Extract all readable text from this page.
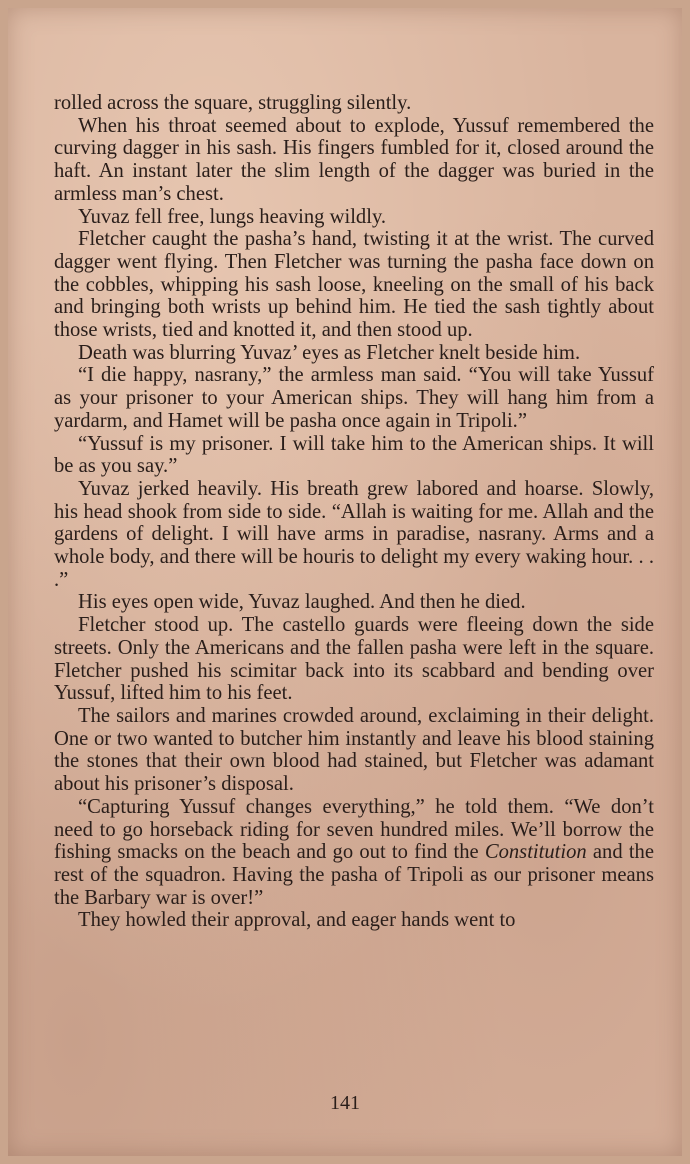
rolled across the square, struggling silently.

When his throat seemed about to explode, Yussuf remembered the curving dagger in his sash. His fingers fumbled for it, closed around the haft. An instant later the slim length of the dagger was buried in the armless man’s chest.

Yuvaz fell free, lungs heaving wildly.

Fletcher caught the pasha’s hand, twisting it at the wrist. The curved dagger went flying. Then Fletcher was turning the pasha face down on the cobbles, whipping his sash loose, kneeling on the small of his back and bringing both wrists up behind him. He tied the sash tightly about those wrists, tied and knotted it, and then stood up.

Death was blurring Yuvaz’ eyes as Fletcher knelt beside him.

“I die happy, nasrany,” the armless man said. “You will take Yussuf as your prisoner to your American ships. They will hang him from a yardarm, and Hamet will be pasha once again in Tripoli.”

“Yussuf is my prisoner. I will take him to the American ships. It will be as you say.”

Yuvaz jerked heavily. His breath grew labored and hoarse. Slowly, his head shook from side to side. “Allah is waiting for me. Allah and the gardens of delight. I will have arms in paradise, nasrany. Arms and a whole body, and there will be houris to delight my every waking hour. . . .”

His eyes open wide, Yuvaz laughed. And then he died.

Fletcher stood up. The castello guards were fleeing down the side streets. Only the Americans and the fallen pasha were left in the square. Fletcher pushed his scimitar back into its scabbard and bending over Yussuf, lifted him to his feet.

The sailors and marines crowded around, exclaiming in their delight. One or two wanted to butcher him instantly and leave his blood staining the stones that their own blood had stained, but Fletcher was adamant about his prisoner’s disposal.

“Capturing Yussuf changes everything,” he told them. “We don’t need to go horseback riding for seven hundred miles. We’ll borrow the fishing smacks on the beach and go out to find the Constitution and the rest of the squadron. Having the pasha of Tripoli as our prisoner means the Barbary war is over!”

They howled their approval, and eager hands went to

141
